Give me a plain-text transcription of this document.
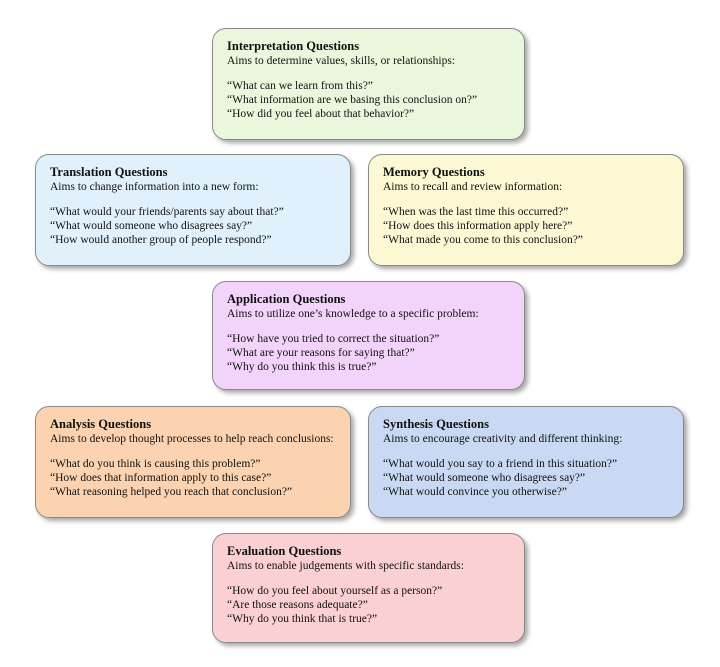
Interpretation Questions
Aims to determine values, skills, or relationships:
“What can we learn from this?”
“What information are we basing this conclusion on?”
“How did you feel about that behavior?”
Translation Questions
Aims to change information into a new form:
“What would your friends/parents say about that?”
“What would someone who disagrees say?”
“How would another group of people respond?”
Memory Questions
Aims to recall and review information:
“When was the last time this occurred?”
“How does this information apply here?”
“What made you come to this conclusion?”
Application Questions
Aims to utilize one’s knowledge to a specific problem:
“How have you tried to correct the situation?”
“What are your reasons for saying that?”
“Why do you think this is true?”
Analysis Questions
Aims to develop thought processes to help reach conclusions:
“What do you think is causing this problem?”
“How does that information apply to this case?”
“What reasoning helped you reach that conclusion?”
Synthesis Questions
Aims to encourage creativity and different thinking:
“What would you say to a friend in this situation?”
“What would someone who disagrees say?”
“What would convince you otherwise?”
Evaluation Questions
Aims to enable judgements with specific standards:
“How do you feel about yourself as a person?”
“Are those reasons adequate?”
“Why do you think that is true?”
